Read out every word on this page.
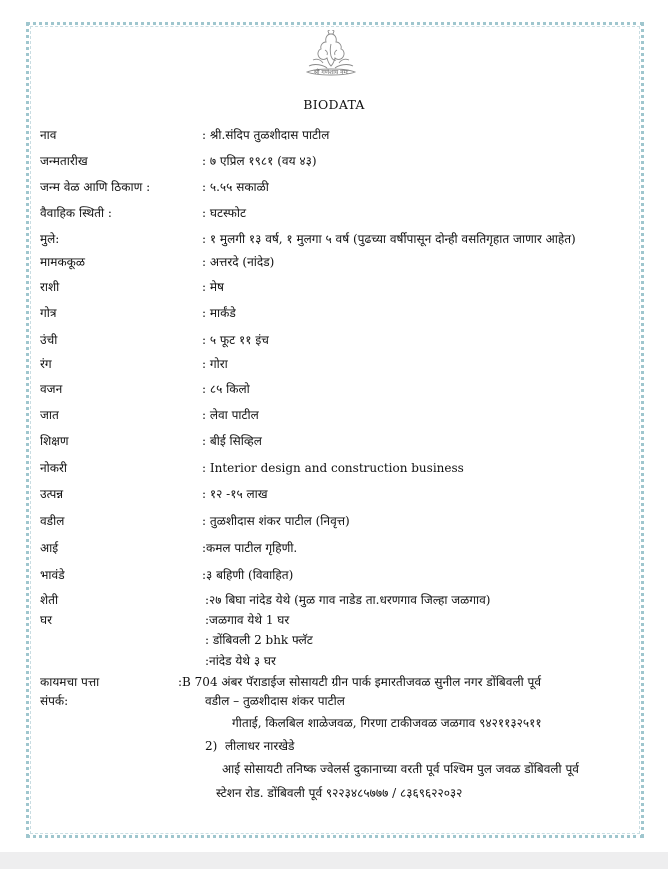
श्री गणेशाय नमः
BIODATA
नाव	: श्री.संदिप तुळशीदास पाटील
जन्मतारीख	: ७ एप्रिल १९८१ (वय ४३)
जन्म वेळ आणि ठिकाण :	: ५.५५ सकाळी
वैवाहिक स्थिती :	: घटस्फोट
मुले:	: १ मुलगी १३ वर्ष, १ मुलगा ५ वर्ष (पुढच्या वर्षीपासून दोन्ही वसतिगृहात जाणार आहेत)
मामककूळ	: अत्तरदे (नांदेड)
राशी	: मेष
गोत्र	: मार्कंडे
उंची	: ५ फूट ११ इंच
रंग	: गोरा
वजन	: ८५ किलो
जात	: लेवा पाटील
शिक्षण	: बीई सिव्हिल
नोकरी	: Interior design and construction business
उत्पन्न	: १२ -१५ लाख
वडील	: तुळशीदास शंकर पाटील (निवृत्त)
आई	:कमल पाटील गृहिणी.
भावंडे	:३ बहिणी (विवाहित)
शेती	:२७ बिघा नांदेड येथे (मुळ गाव नाडेड ता.धरणगाव जिल्हा जळगाव)
घर	:जळगाव येथे 1 घर
: डोंबिवली 2 bhk फ्लॅट
:नांदेड येथे ३ घर
कायमचा पत्ता	:B 704 अंबर पॅराडाईज सोसायटी ग्रीन पार्क इमारतीजवळ सुनील नगर डोंबिवली पूर्व
संपर्क:	वडील – तुळशीदास शंकर पाटील
गीताई, किलबिल शाळेजवळ, गिरणा टाकीजवळ जळगाव ९४२११३२५११
2) लीलाधर नारखेडे
आई सोसायटी तनिष्क ज्वेलर्स दुकानाच्या वरती पूर्व पश्चिम पुल जवळ डोंबिवली पूर्व
स्टेशन रोड. डोंबिवली पूर्व ९२२३४८५७७७ / ८३६९६२२०३२
